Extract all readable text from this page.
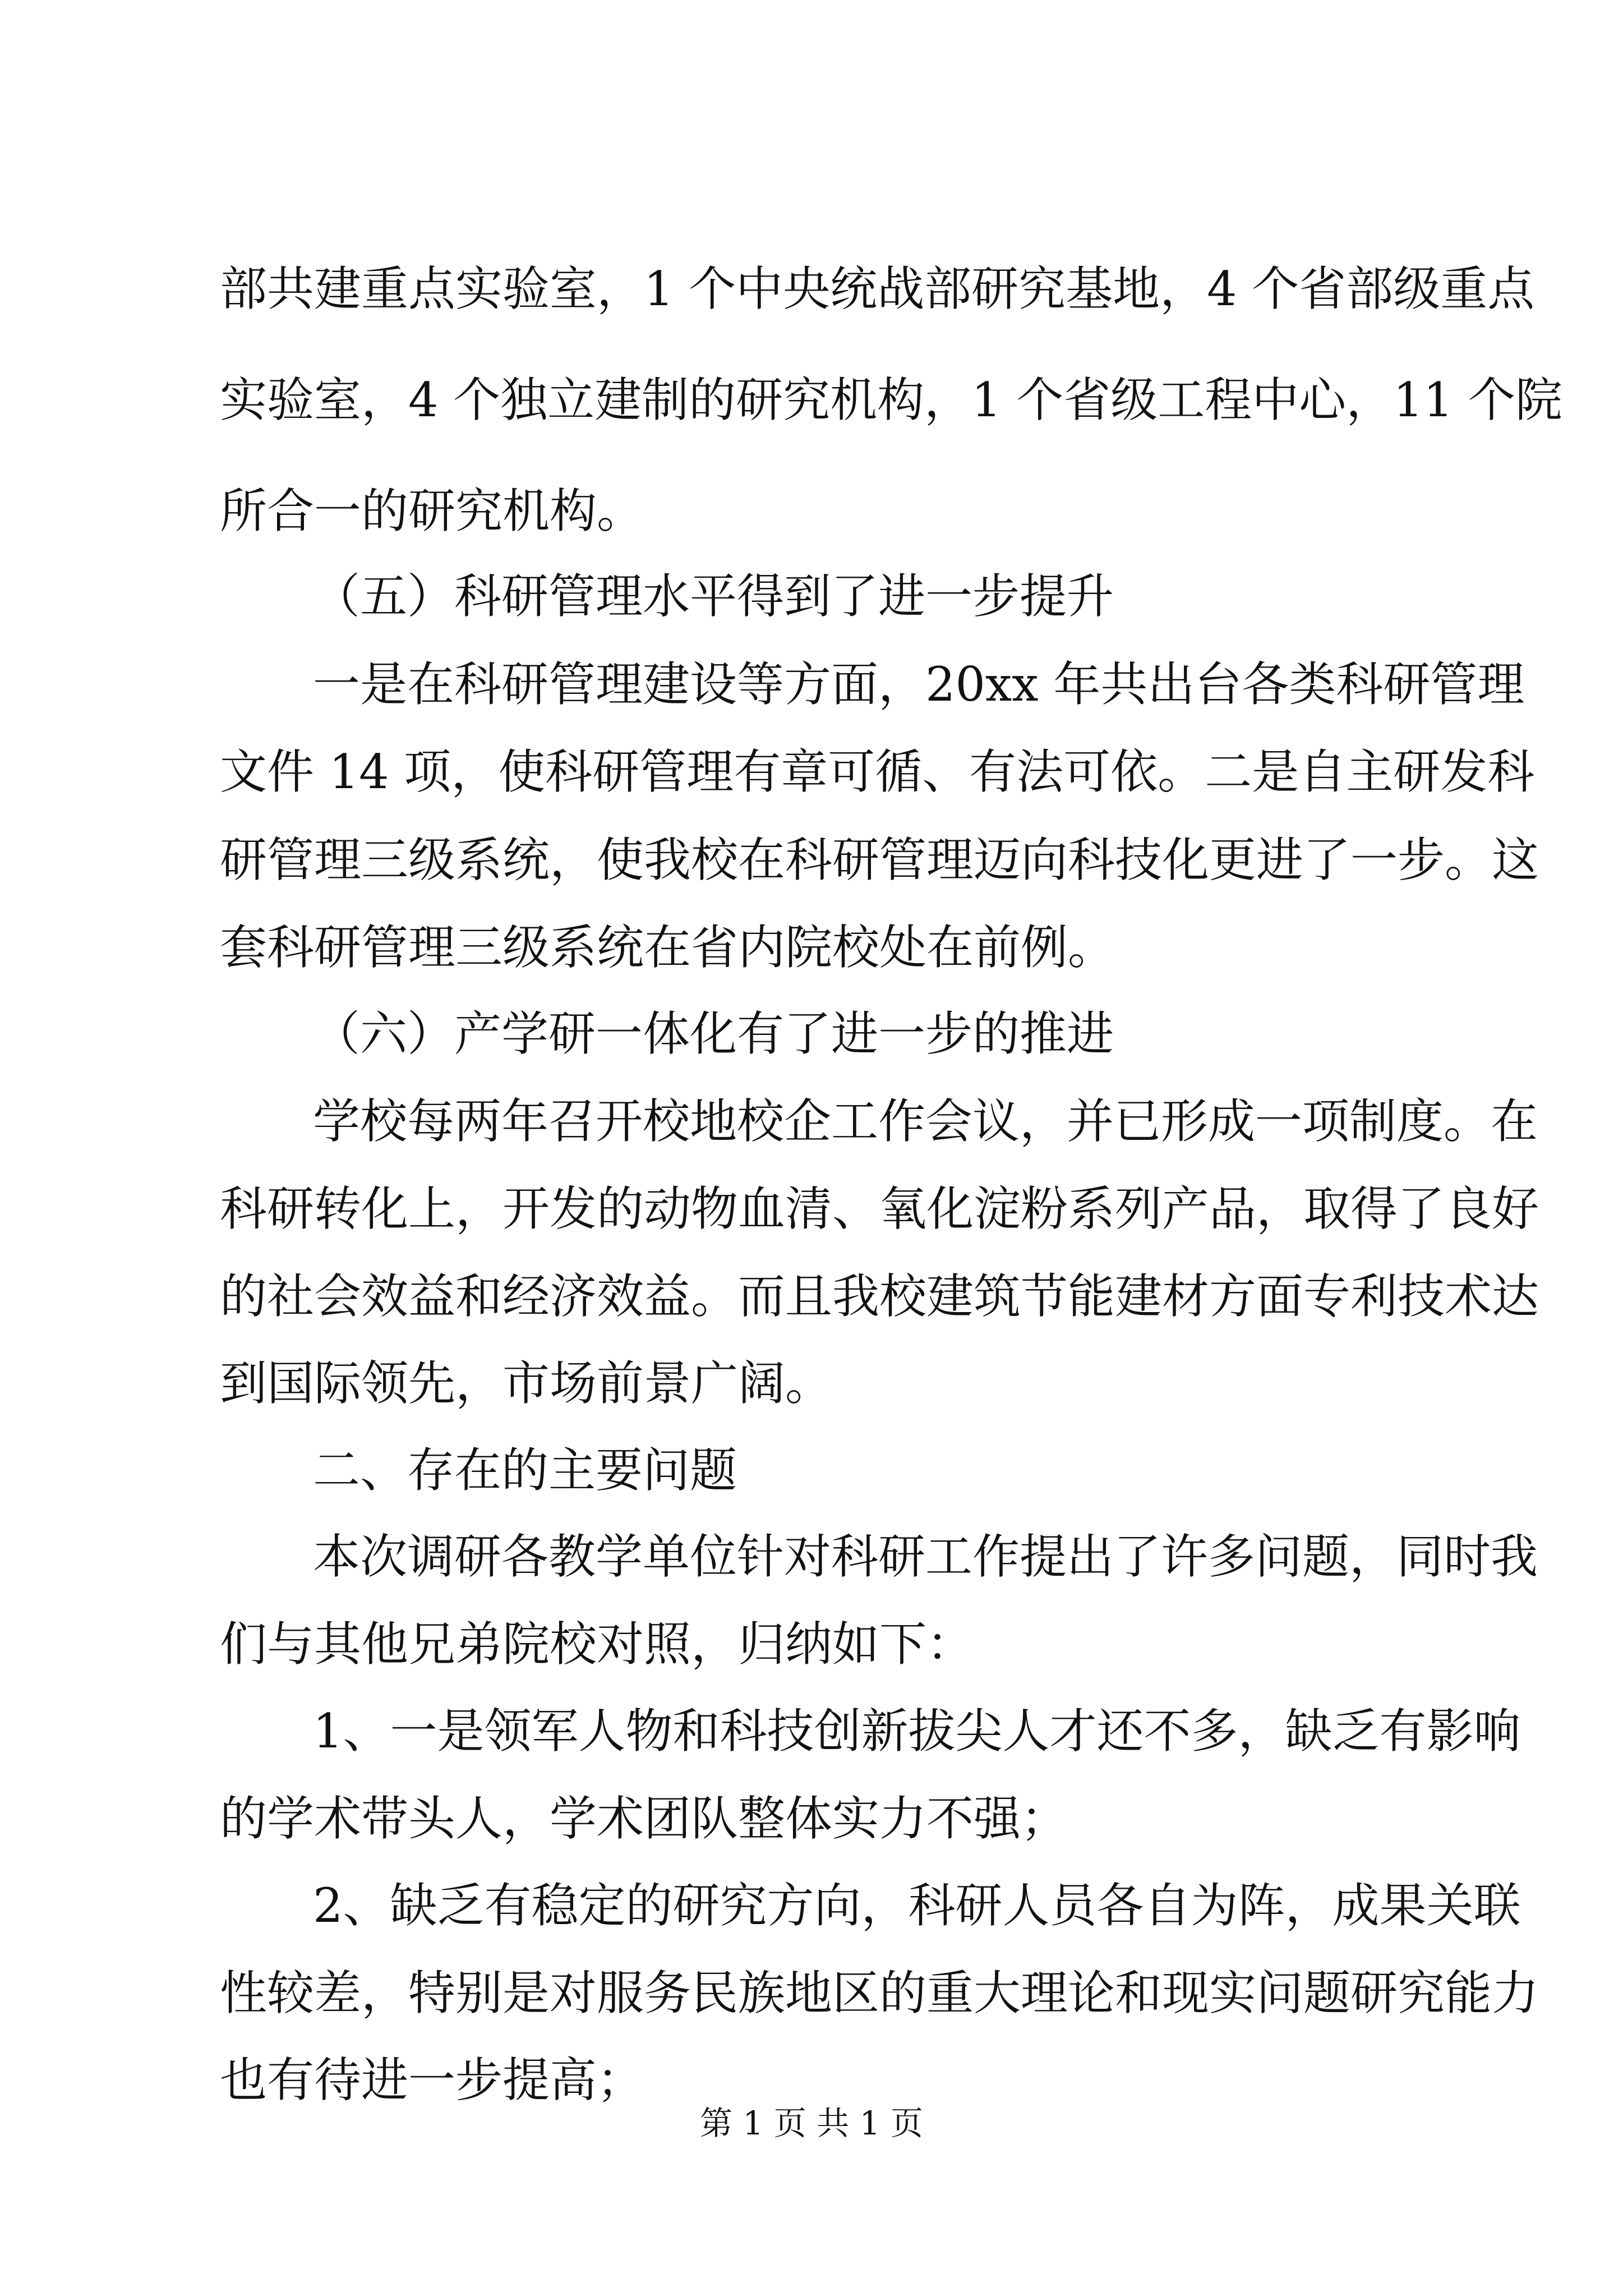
部共建重点实验室，1 个中央统战部研究基地，4 个省部级重点
实验室，4 个独立建制的研究机构，1 个省级工程中心，11 个院
所合一的研究机构。
（五）科研管理水平得到了进一步提升
一是在科研管理建设等方面，20xx 年共出台各类科研管理
文件 14 项，使科研管理有章可循、有法可依。二是自主研发科
研管理三级系统，使我校在科研管理迈向科技化更进了一步。这
套科研管理三级系统在省内院校处在前例。
（六）产学研一体化有了进一步的推进
学校每两年召开校地校企工作会议，并已形成一项制度。在
科研转化上，开发的动物血清、氧化淀粉系列产品，取得了良好
的社会效益和经济效益。而且我校建筑节能建材方面专利技术达
到国际领先，市场前景广阔。
二、存在的主要问题
本次调研各教学单位针对科研工作提出了许多问题，同时我
们与其他兄弟院校对照，归纳如下：
1、一是领军人物和科技创新拔尖人才还不多，缺乏有影响
的学术带头人，学术团队整体实力不强；
2、缺乏有稳定的研究方向，科研人员各自为阵，成果关联
性较差，特别是对服务民族地区的重大理论和现实问题研究能力
也有待进一步提高；
第 1 页 共 1 页
